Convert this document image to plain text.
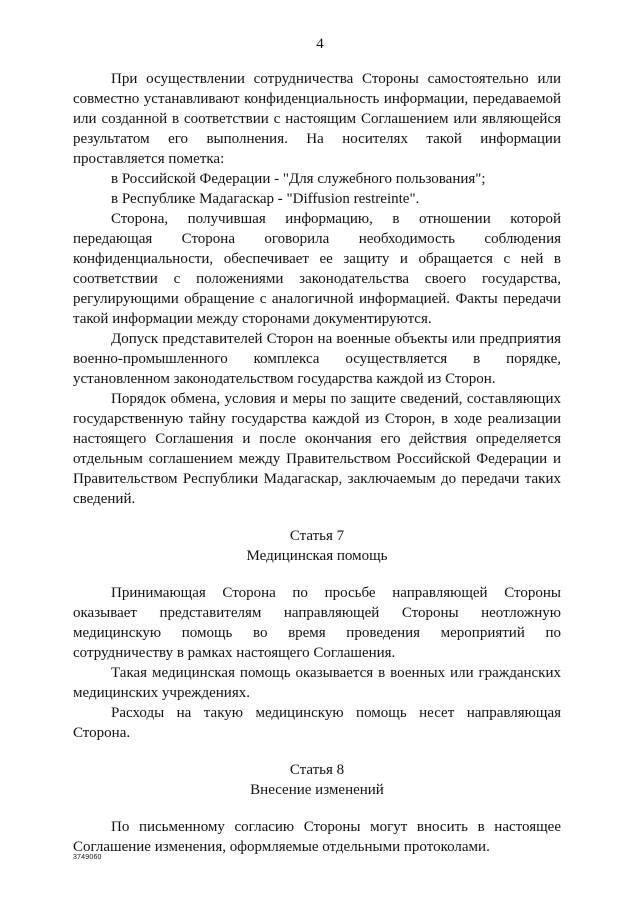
4

При осуществлении сотрудничества Стороны самостоятельно или совместно устанавливают конфиденциальность информации, передаваемой или созданной в соответствии с настоящим Соглашением или являющейся результатом его выполнения. На носителях такой информации проставляется пометка:

в Российской Федерации - "Для служебного пользования";

в Республике Мадагаскар - "Diffusion restreinte".

Сторона, получившая информацию, в отношении которой передающая Сторона оговорила необходимость соблюдения конфиденциальности, обеспечивает ее защиту и обращается с ней в соответствии с положениями законодательства своего государства, регулирующими обращение с аналогичной информацией. Факты передачи такой информации между сторонами документируются.

Допуск представителей Сторон на военные объекты или предприятия военно-промышленного комплекса осуществляется в порядке, установленном законодательством государства каждой из Сторон.

Порядок обмена, условия и меры по защите сведений, составляющих государственную тайну государства каждой из Сторон, в ходе реализации настоящего Соглашения и после окончания его действия определяется отдельным соглашением между Правительством Российской Федерации и Правительством Республики Мадагаскар, заключаемым до передачи таких сведений.

Статья 7

Медицинская помощь

Принимающая Сторона по просьбе направляющей Стороны оказывает представителям направляющей Стороны неотложную медицинскую помощь во время проведения мероприятий по сотрудничеству в рамках настоящего Соглашения.

Такая медицинская помощь оказывается в военных или гражданских медицинских учреждениях.

Расходы на такую медицинскую помощь несет направляющая Сторона.

Статья 8

Внесение изменений

По письменному согласию Стороны могут вносить в настоящее Соглашение изменения, оформляемые отдельными протоколами.

3749060
